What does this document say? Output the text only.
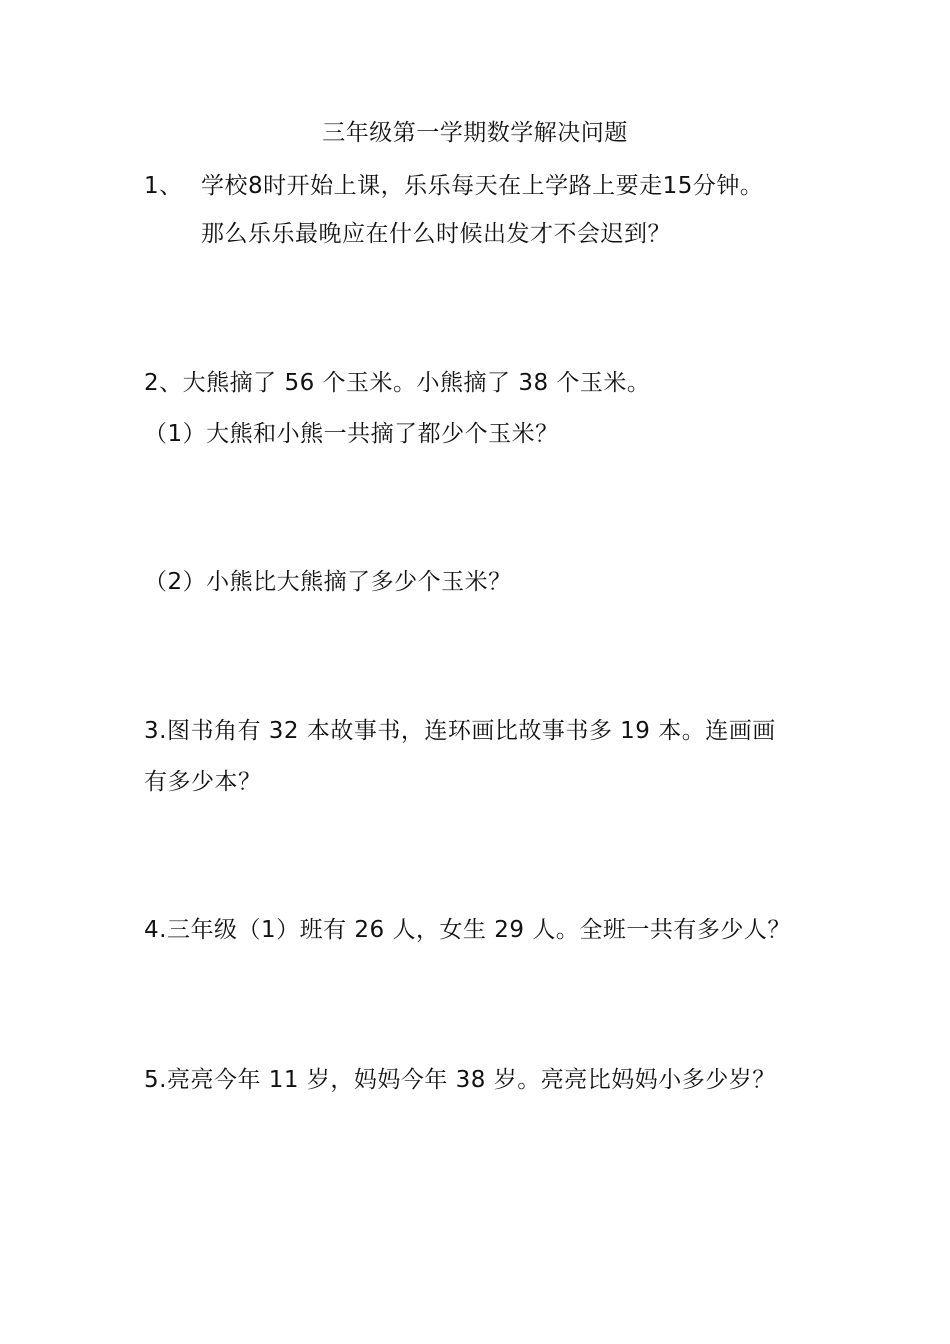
三年级第一学期数学解决问题
1、 学校8时开始上课，乐乐每天在上学路上要走15分钟。
那么乐乐最晚应在什么时候出发才不会迟到？
2、大熊摘了 56 个玉米。小熊摘了 38 个玉米。
（1）大熊和小熊一共摘了都少个玉米？
（2）小熊比大熊摘了多少个玉米？
3.图书角有 32 本故事书，连环画比故事书多 19 本。连画画
有多少本？
4.三年级（1）班有 26 人，女生 29 人。全班一共有多少人？
5.亮亮今年 11 岁，妈妈今年 38 岁。亮亮比妈妈小多少岁？
